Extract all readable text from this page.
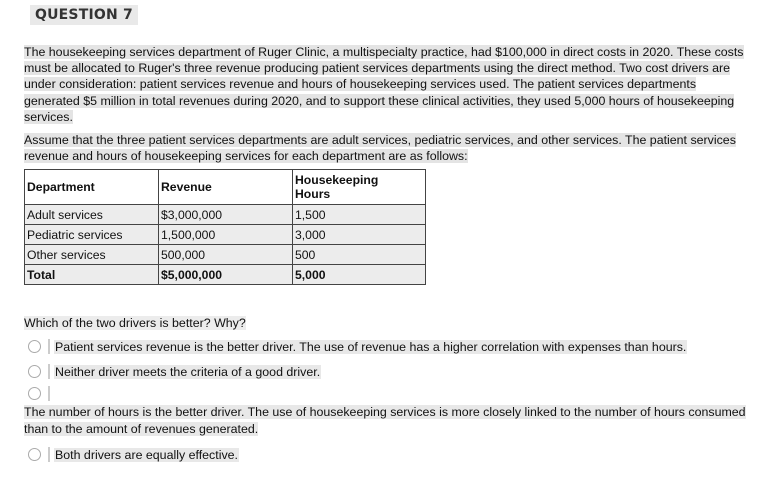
QUESTION 7
The housekeeping services department of Ruger Clinic, a multispecialty practice, had $100,000 in direct costs in 2020. These costs must be allocated to Ruger's three revenue producing patient services departments using the direct method. Two cost drivers are under consideration: patient services revenue and hours of housekeeping services used. The patient services departments generated $5 million in total revenues during 2020, and to support these clinical activities, they used 5,000 hours of housekeeping services.
Assume that the three patient services departments are adult services, pediatric services, and other services. The patient services revenue and hours of housekeeping services for each department are as follows:
Department	Revenue	Housekeeping
Hours
Adult services	$3,000,000	1,500
Pediatric services	1,500,000	3,000
Other services	500,000	500
Total	$5,000,000	5,000
Which of the two drivers is better? Why?
Patient services revenue is the better driver. The use of revenue has a higher correlation with expenses than hours.
Neither driver meets the criteria of a good driver.
The number of hours is the better driver. The use of housekeeping services is more closely linked to the number of hours consumed than to the amount of revenues generated.
Both drivers are equally effective.
